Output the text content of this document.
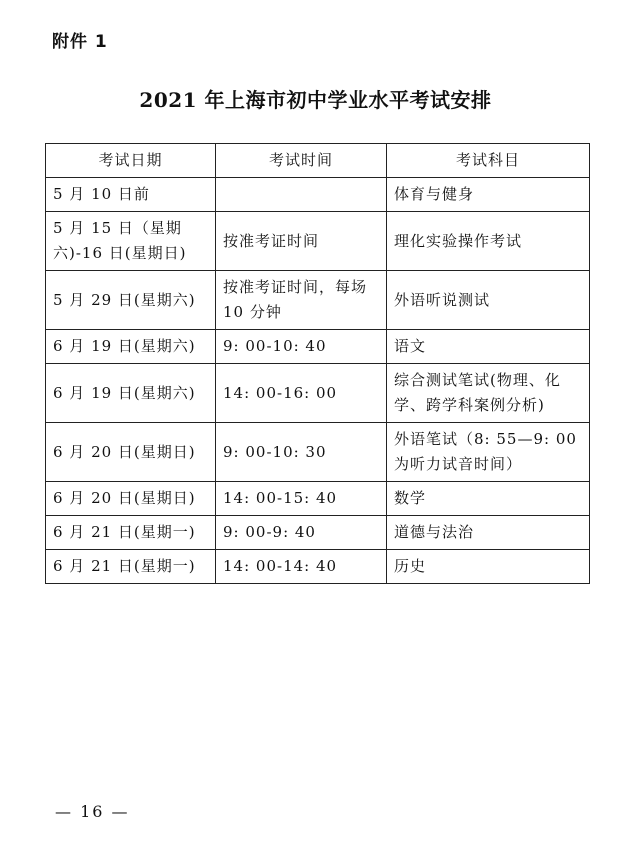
附件 1
2021 年上海市初中学业水平考试安排
考试日期	考试时间	考试科目
5 月 10 日前		体育与健身
5 月 15 日（星期六)-16 日(星期日)	按准考证时间	理化实验操作考试
5 月 29 日(星期六)	按准考证时间，每场 10 分钟	外语听说测试
6 月 19 日(星期六)	9: 00-10: 40	语文
6 月 19 日(星期六)	14: 00-16: 00	综合测试笔试(物理、化学、跨学科案例分析)
6 月 20 日(星期日)	9: 00-10: 30	外语笔试（8: 55—9: 00 为听力试音时间）
6 月 20 日(星期日)	14: 00-15: 40	数学
6 月 21 日(星期一)	9: 00-9: 40	道德与法治
6 月 21 日(星期一)	14: 00-14: 40	历史
— 16 —
